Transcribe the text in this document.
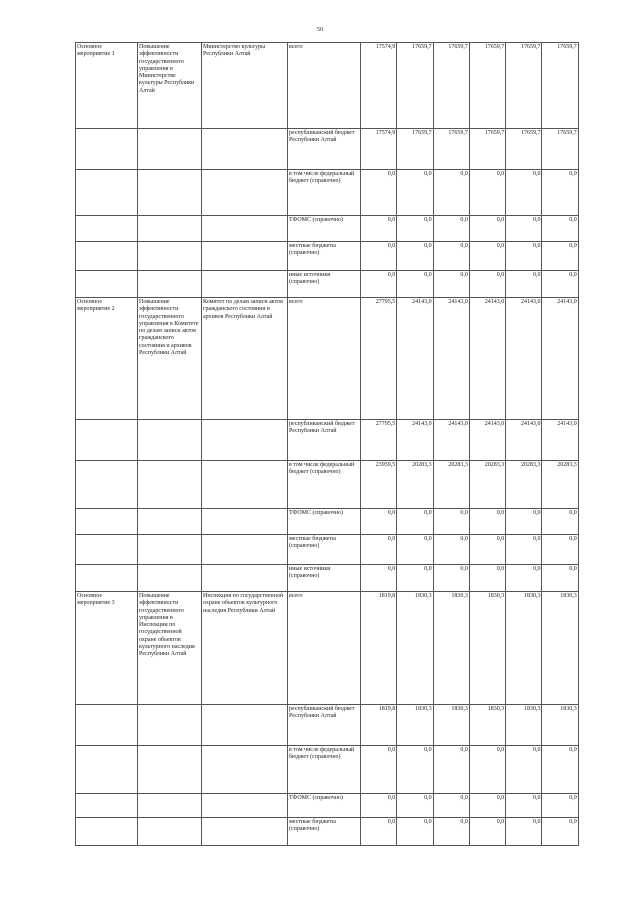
50
Основное мероприятие 1	Повышение эффективности государственного управления в Министерстве культуры Республики Алтай	Министерство культуры Республики Алтай	всего	17574,9	17659,7	17659,7	17659,7	17659,7	17659,7
			республиканский бюджет Республики Алтай	17574,9	17659,7	17659,7	17659,7	17659,7	17659,7
			в том числе федеральный бюджет (справочно)	0,0	0,0	0,0	0,0	0,0	0,0
			ТФОМС (справочно)	0,0	0,0	0,0	0,0	0,0	0,0
			местные бюджеты (справочно)	0,0	0,0	0,0	0,0	0,0	0,0
			иные источники (справочно)	0,0	0,0	0,0	0,0	0,0	0,0
Основное мероприятие 2	Повышение эффективности государственного управления в Комитете по делам записи актов гражданского состояния и архивов Республики Алтай	Комитет по делам записи актов гражданского состояния и архивов Республики Алтай	всего	27795,5	24143,0	24143,0	24143,0	24143,0	24143,0
			республиканский бюджет Республики Алтай	27795,5	24143,0	24143,0	24143,0	24143,0	24143,0
			в том числе федеральный бюджет (справочно)	23959,5	20283,3	20283,3	20283,3	20283,3	20283,3
			ТФОМС (справочно)	0,0	0,0	0,0	0,0	0,0	0,0
			местные бюджеты (справочно)	0,0	0,0	0,0	0,0	0,0	0,0
			иные источники (справочно)	0,0	0,0	0,0	0,0	0,0	0,0
Основное мероприятие 3	Повышение эффективности государственного управления в Инспекции по государственной охране объектов культурного наследия Республики Алтай	Инспекция по государственной охране объектов культурного наследия Республики Алтай	всего	1819,8	1830,3	1830,3	1830,3	1830,3	1830,3
			республиканский бюджет Республики Алтай	1819,8	1830,3	1830,3	1830,3	1830,3	1830,3
			в том числе федеральный бюджет (справочно)	0,0	0,0	0,0	0,0	0,0	0,0
			ТФОМС (справочно)	0,0	0,0	0,0	0,0	0,0	0,0
			местные бюджеты (справочно)	0,0	0,0	0,0	0,0	0,0	0,0
